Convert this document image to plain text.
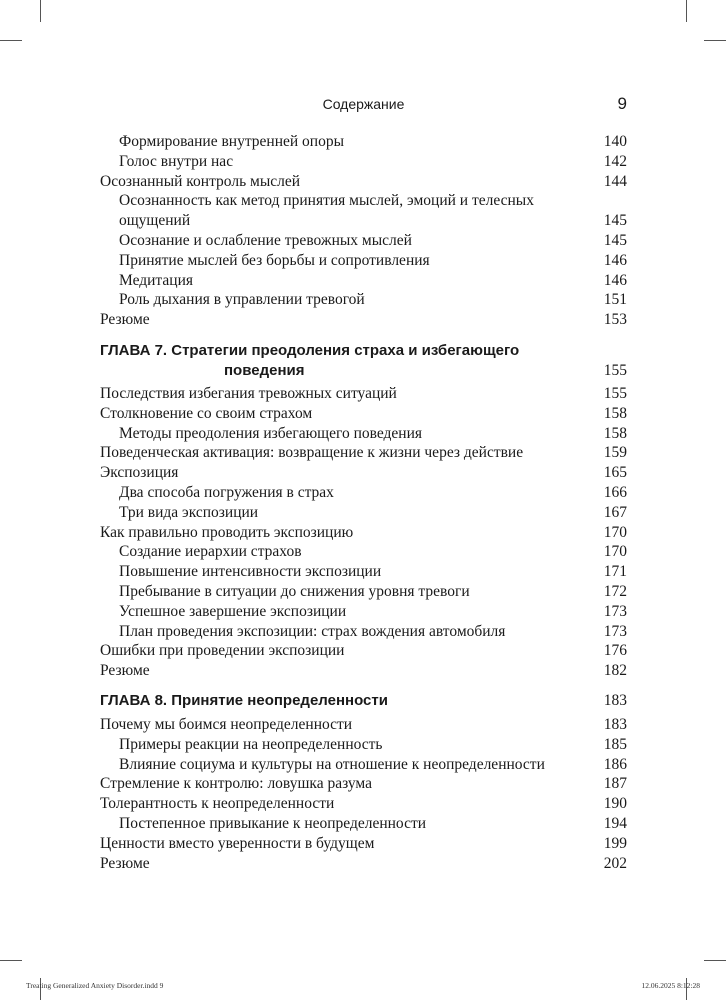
Содержание	9
Формирование внутренней опоры	140
Голос внутри нас	142
Осознанный контроль мыслей	144
Осознанность как метод принятия мыслей, эмоций и телесных ощущений	145
Осознание и ослабление тревожных мыслей	145
Принятие мыслей без борьбы и сопротивления	146
Медитация	146
Роль дыхания в управлении тревогой	151
Резюме	153
ГЛАВА 7. Стратегии преодоления страха и избегающего
поведения	155
Последствия избегания тревожных ситуаций	155
Столкновение со своим страхом	158
Методы преодоления избегающего поведения	158
Поведенческая активация: возвращение к жизни через действие	159
Экспозиция	165
Два способа погружения в страх	166
Три вида экспозиции	167
Как правильно проводить экспозицию	170
Создание иерархии страхов	170
Повышение интенсивности экспозиции	171
Пребывание в ситуации до снижения уровня тревоги	172
Успешное завершение экспозиции	173
План проведения экспозиции: страх вождения автомобиля	173
Ошибки при проведении экспозиции	176
Резюме	182
ГЛАВА 8. Принятие неопределенности	183
Почему мы боимся неопределенности	183
Примеры реакции на неопределенность	185
Влияние социума и культуры на отношение к неопределенности	186
Стремление к контролю: ловушка разума	187
Толерантность к неопределенности	190
Постепенное привыкание к неопределенности	194
Ценности вместо уверенности в будущем	199
Резюме	202
Treating Generalized Anxiety Disorder.indd 9	12.06.2025 8:12:28
